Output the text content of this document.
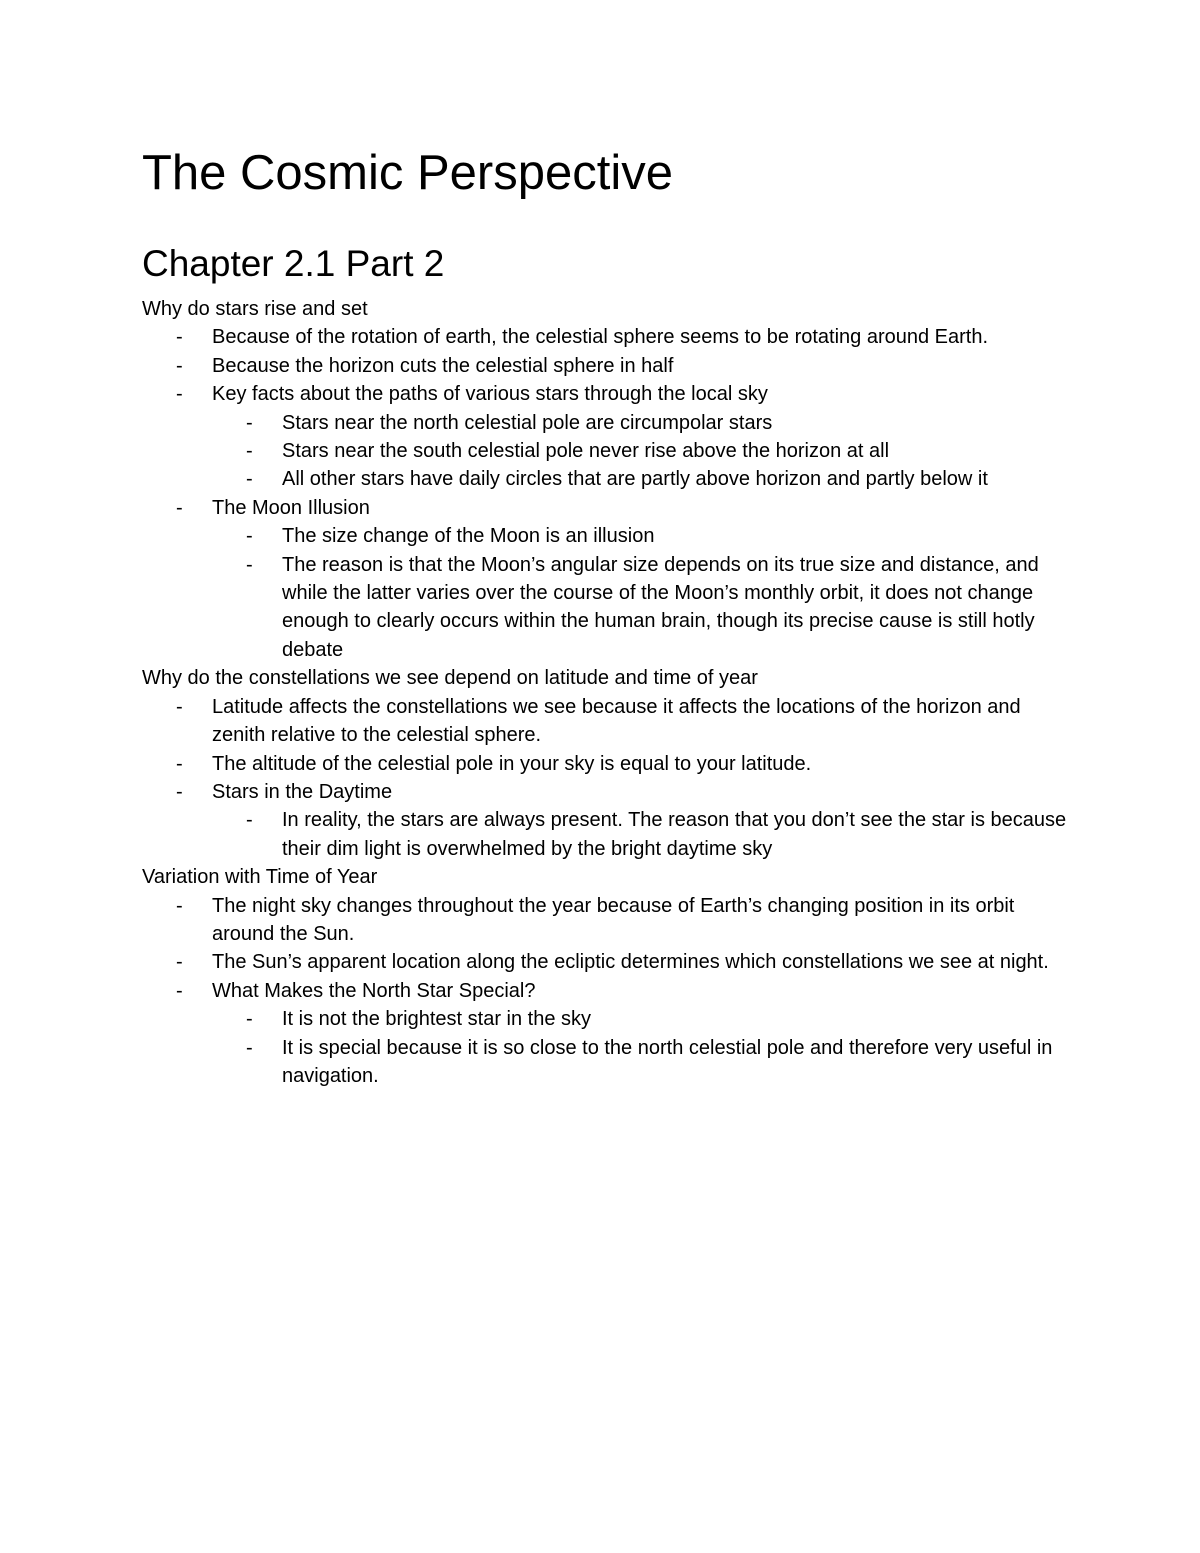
The Cosmic Perspective
Chapter 2.1 Part 2
Why do stars rise and set
-	Because of the rotation of earth, the celestial sphere seems to be rotating around Earth.
-	Because the horizon cuts the celestial sphere in half
-	Key facts about the paths of various stars through the local sky
-	Stars near the north celestial pole are circumpolar stars
-	Stars near the south celestial pole never rise above the horizon at all
-	All other stars have daily circles that are partly above horizon and partly below it
-	The Moon Illusion
-	The size change of the Moon is an illusion
-	The reason is that the Moon’s angular size depends on its true size and distance, and while the latter varies over the course of the Moon’s monthly orbit, it does not change enough to clearly occurs within the human brain, though its precise cause is still hotly debate
Why do the constellations we see depend on latitude and time of year
-	Latitude affects the constellations we see because it affects the locations of the horizon and zenith relative to the celestial sphere.
-	The altitude of the celestial pole in your sky is equal to your latitude.
-	Stars in the Daytime
-	In reality, the stars are always present. The reason that you don’t see the star is because their dim light is overwhelmed by the bright daytime sky
Variation with Time of Year
-	The night sky changes throughout the year because of Earth’s changing position in its orbit around the Sun.
-	The Sun’s apparent location along the ecliptic determines which constellations we see at night.
-	What Makes the North Star Special?
-	It is not the brightest star in the sky
-	It is special because it is so close to the north celestial pole and therefore very useful in navigation.
